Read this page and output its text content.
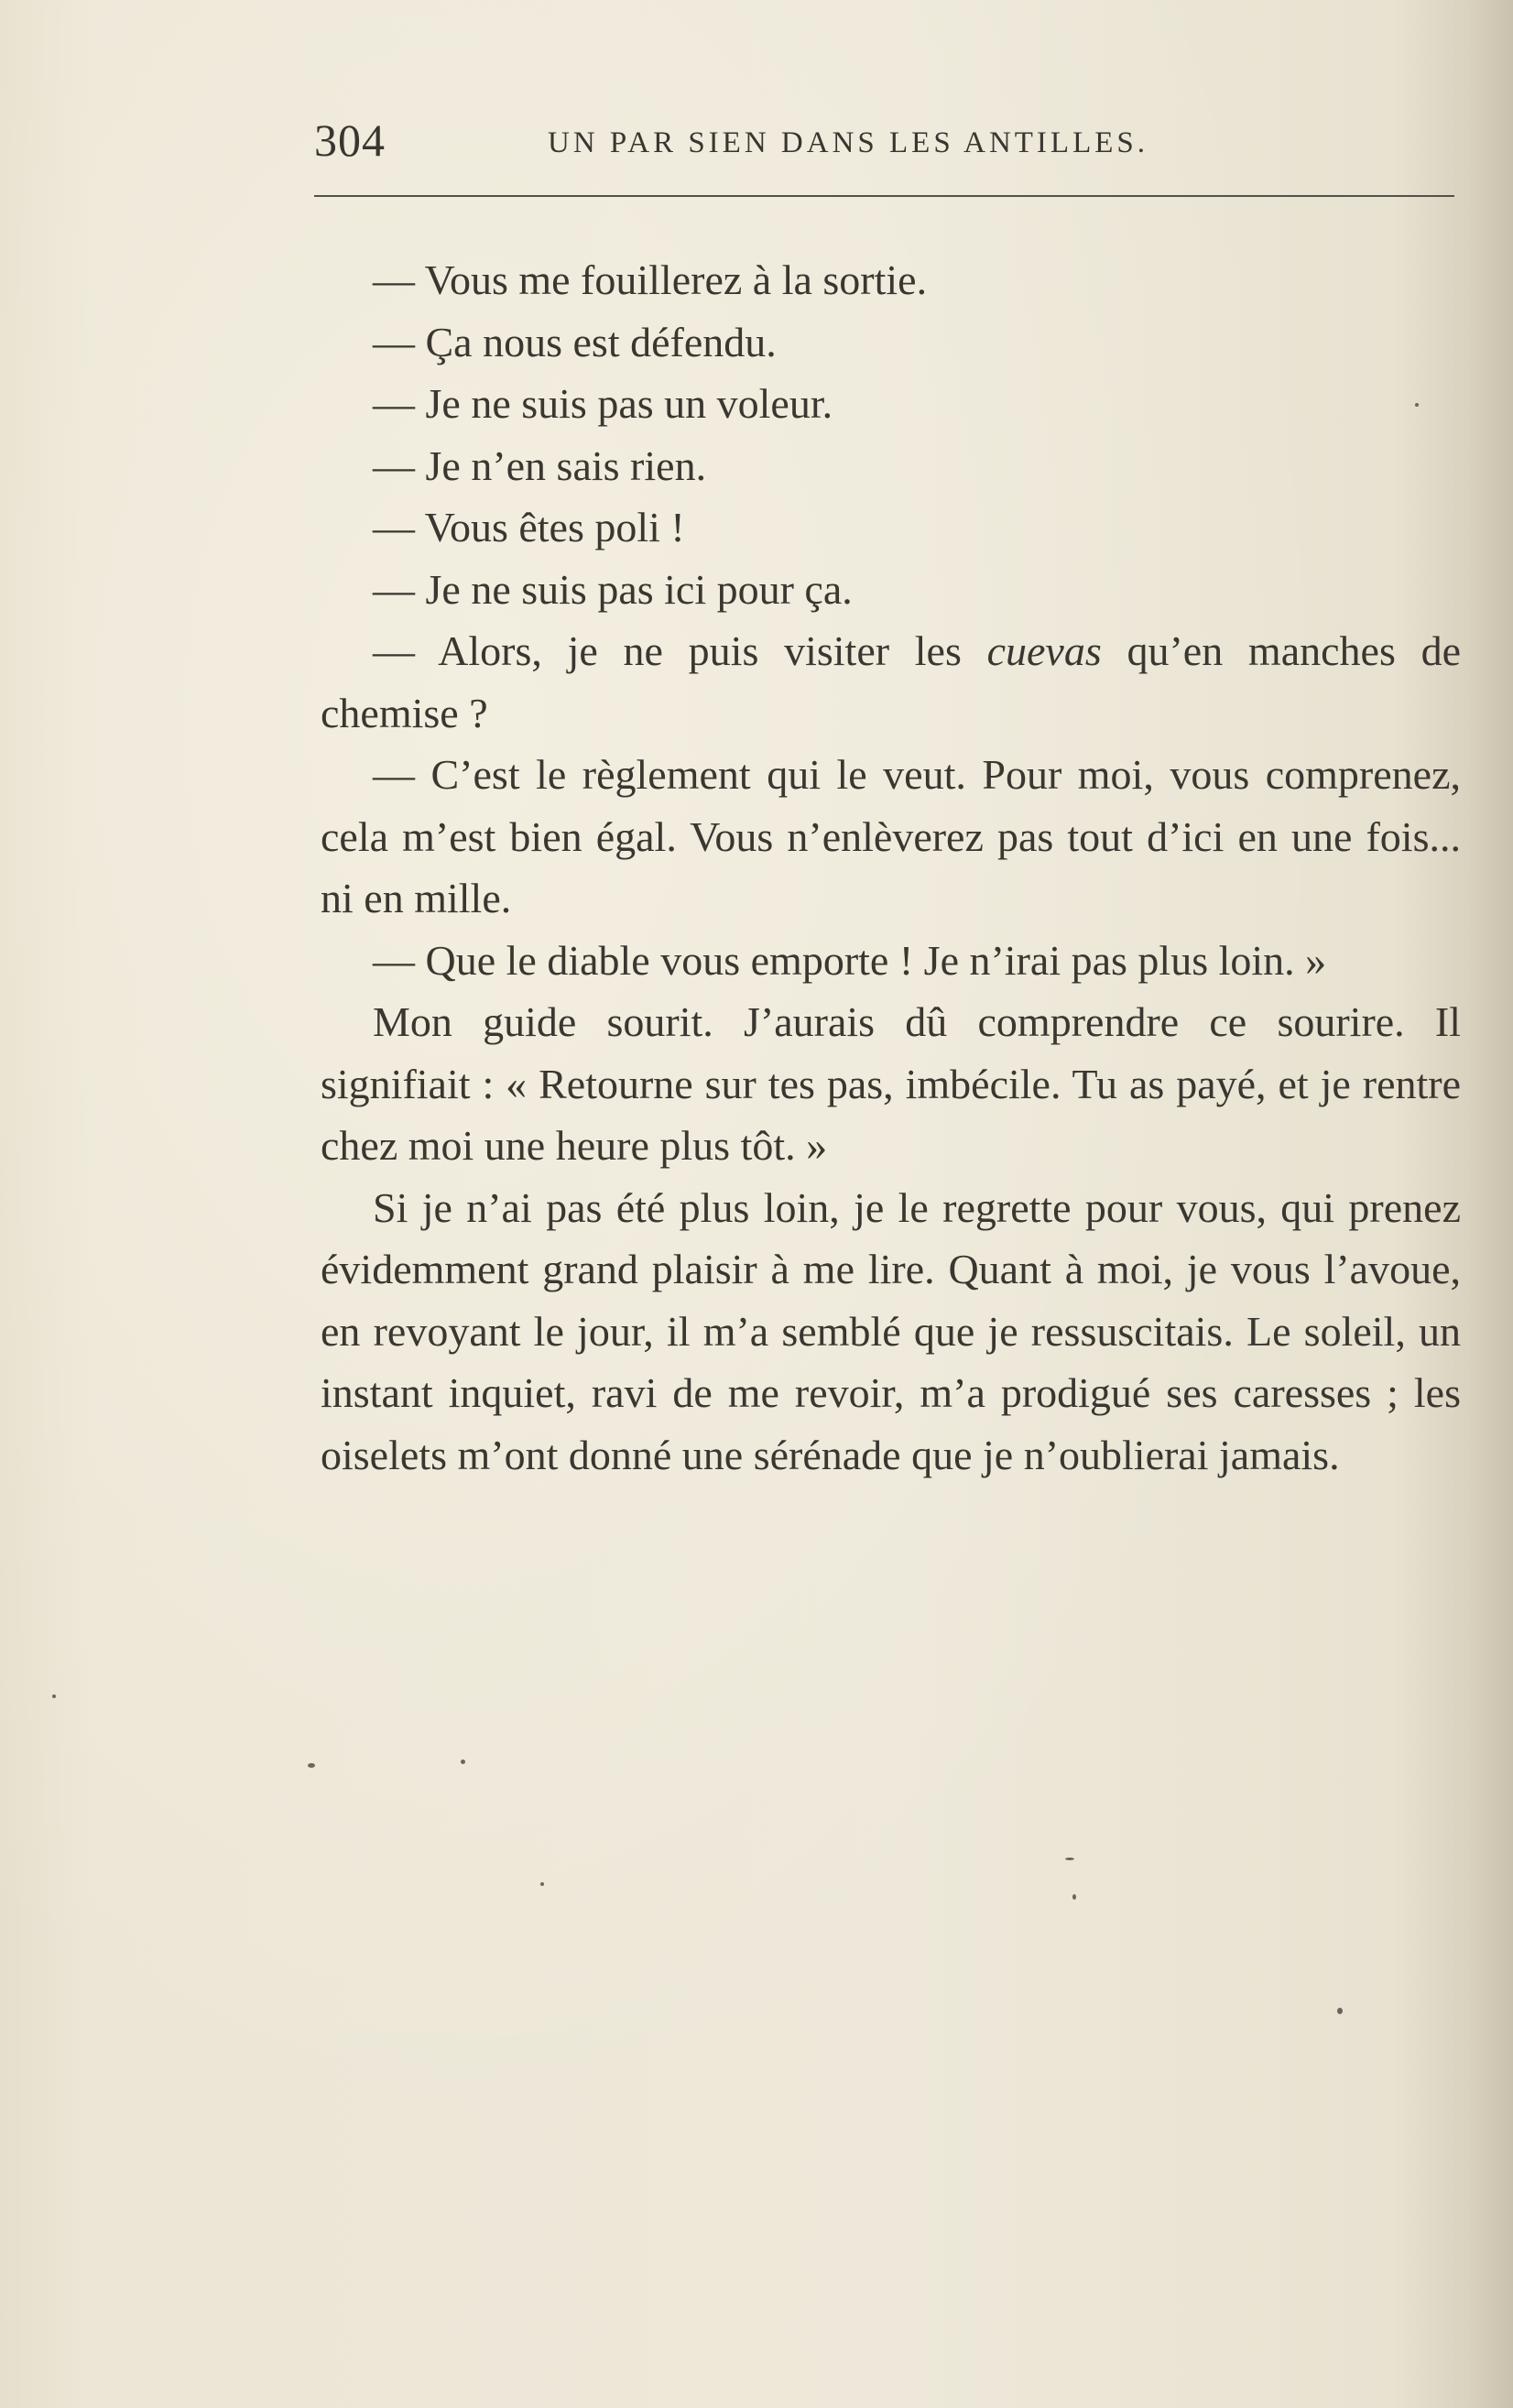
304	UN PAR SIEN DANS LES ANTILLES.

— Vous me fouillerez à la sortie.

— Ça nous est défendu.

— Je ne suis pas un voleur.

— Je n’en sais rien.

— Vous êtes poli !

— Je ne suis pas ici pour ça.

— Alors, je ne puis visiter les cuevas qu’en manches de chemise ?

— C’est le règlement qui le veut. Pour moi, vous comprenez, cela m’est bien égal. Vous n’enlèverez pas tout d’ici en une fois... ni en mille.

— Que le diable vous emporte ! Je n’irai pas plus loin. »

Mon guide sourit. J’aurais dû comprendre ce sourire. Il signifiait : « Retourne sur tes pas, imbécile. Tu as payé, et je rentre chez moi une heure plus tôt. »

Si je n’ai pas été plus loin, je le regrette pour vous, qui prenez évidemment grand plaisir à me lire. Quant à moi, je vous l’avoue, en revoyant le jour, il m’a semblé que je ressuscitais. Le soleil, un instant inquiet, ravi de me revoir, m’a prodigué ses caresses ; les oiselets m’ont donné une sérénade que je n’oublierai jamais.
